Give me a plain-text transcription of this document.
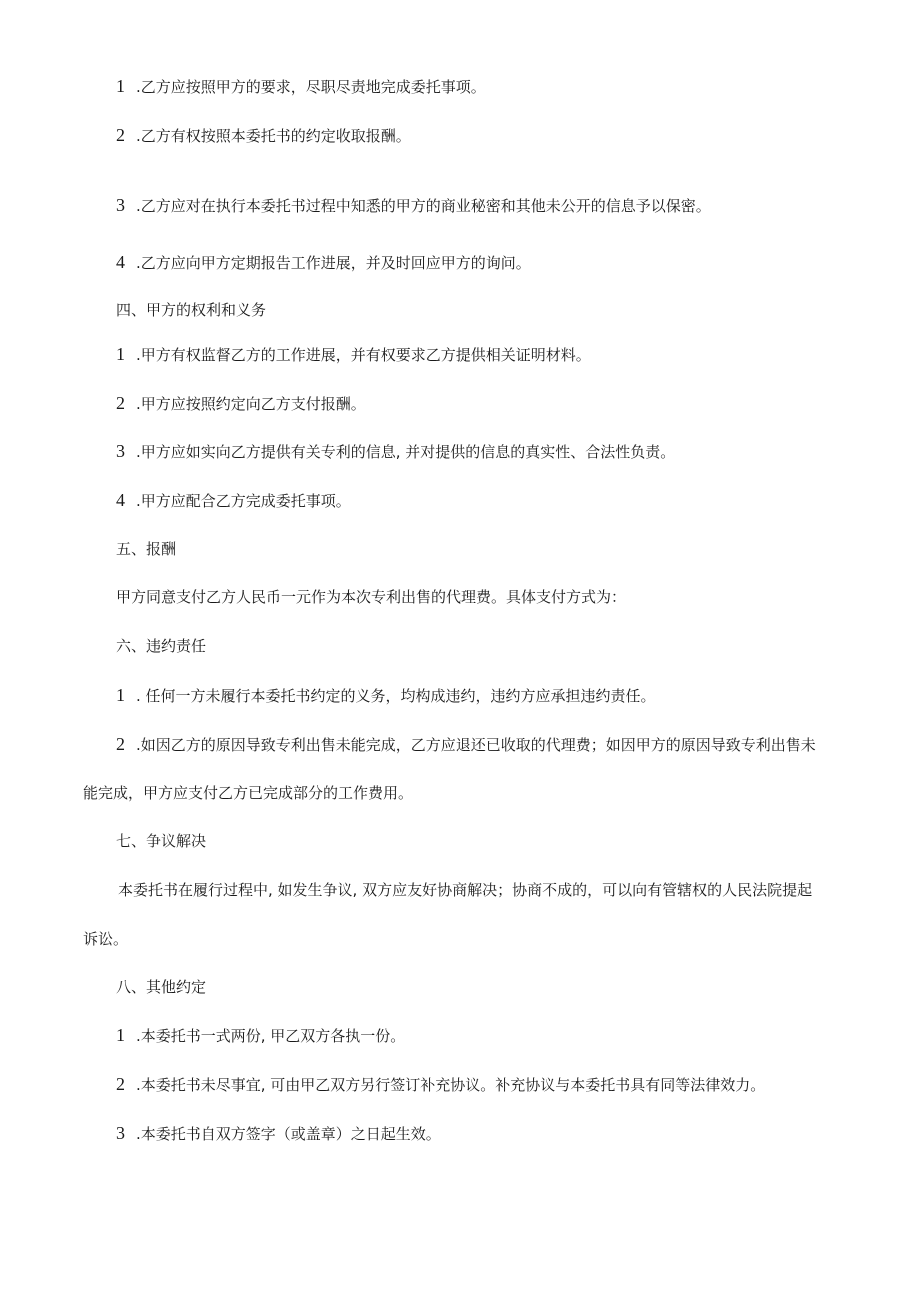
1 .乙方应按照甲方的要求，尽职尽责地完成委托事项。
2 .乙方有权按照本委托书的约定收取报酬。
3 .乙方应对在执行本委托书过程中知悉的甲方的商业秘密和其他未公开的信息予以保密。
4 .乙方应向甲方定期报告工作进展，并及时回应甲方的询问。
四、甲方的权利和义务
1 .甲方有权监督乙方的工作进展，并有权要求乙方提供相关证明材料。
2 .甲方应按照约定向乙方支付报酬。
3 .甲方应如实向乙方提供有关专利的信息, 并对提供的信息的真实性、合法性负责。
4 .甲方应配合乙方完成委托事项。
五、报酬
甲方同意支付乙方人民币一元作为本次专利出售的代理费。具体支付方式为：
六、违约责任
1 . 任何一方未履行本委托书约定的义务，均构成违约，违约方应承担违约责任。
2 .如因乙方的原因导致专利出售未能完成，乙方应退还已收取的代理费；如因甲方的原因导致专利出售未
能完成，甲方应支付乙方已完成部分的工作费用。
七、争议解决
本委托书在履行过程中, 如发生争议, 双方应友好协商解决；协商不成的，可以向有管辖权的人民法院提起
诉讼。
八、其他约定
1 .本委托书一式两份, 甲乙双方各执一份。
2 .本委托书未尽事宜, 可由甲乙双方另行签订补充协议。补充协议与本委托书具有同等法律效力。
3 .本委托书自双方签字（或盖章）之日起生效。
